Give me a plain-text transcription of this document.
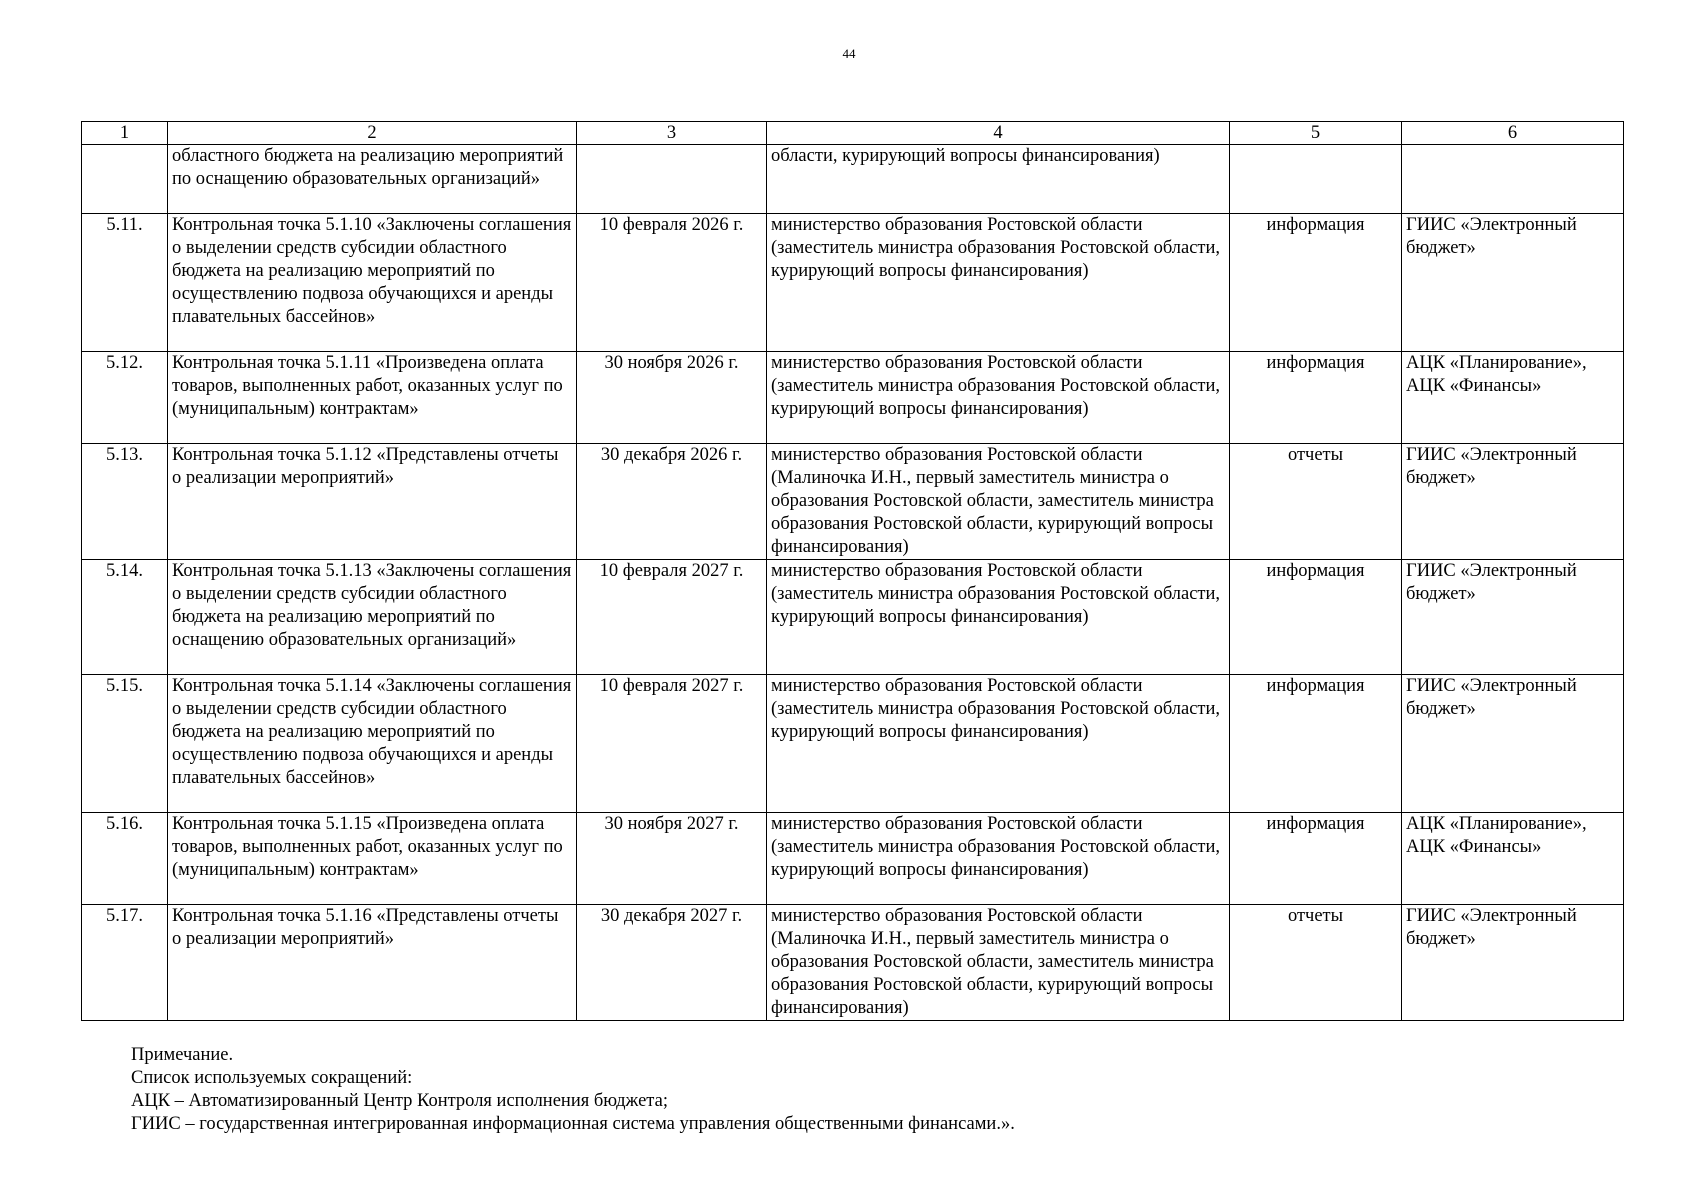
44
1	2	3	4	5	6
	областного бюджета на реализацию мероприятий по оснащению образовательных организаций»		области, курирующий вопросы финансирования)		
5.11.	Контрольная точка 5.1.10 «Заключены соглашения о выделении средств субсидии областного бюджета на реализацию мероприятий по осуществлению подвоза обучающихся и аренды плавательных бассейнов»	10 февраля 2026 г.	министерство образования Ростовской области (заместитель министра образования Ростовской области, курирующий вопросы финансирования)	информация	ГИИС «Электронный бюджет»
5.12.	Контрольная точка 5.1.11 «Произведена оплата товаров, выполненных работ, оказанных услуг по (муниципальным) контрактам»	30 ноября 2026 г.	министерство образования Ростовской области (заместитель министра образования Ростовской области, курирующий вопросы финансирования)	информация	АЦК «Планирование», АЦК «Финансы»
5.13.	Контрольная точка 5.1.12 «Представлены отчеты о реализации мероприятий»	30 декабря 2026 г.	министерство образования Ростовской области (Малиночка И.Н., первый заместитель министра о образования Ростовской области, заместитель министра образования Ростовской области, курирующий вопросы финансирования)	отчеты	ГИИС «Электронный бюджет»
5.14.	Контрольная точка 5.1.13 «Заключены соглашения о выделении средств субсидии областного бюджета на реализацию мероприятий по оснащению образовательных организаций»	10 февраля 2027 г.	министерство образования Ростовской области (заместитель министра образования Ростовской области, курирующий вопросы финансирования)	информация	ГИИС «Электронный бюджет»
5.15.	Контрольная точка 5.1.14 «Заключены соглашения о выделении средств субсидии областного бюджета на реализацию мероприятий по осуществлению подвоза обучающихся и аренды плавательных бассейнов»	10 февраля 2027 г.	министерство образования Ростовской области (заместитель министра образования Ростовской области, курирующий вопросы финансирования)	информация	ГИИС «Электронный бюджет»
5.16.	Контрольная точка 5.1.15 «Произведена оплата товаров, выполненных работ, оказанных услуг по (муниципальным) контрактам»	30 ноября 2027 г.	министерство образования Ростовской области (заместитель министра образования Ростовской области, курирующий вопросы финансирования)	информация	АЦК «Планирование», АЦК «Финансы»
5.17.	Контрольная точка 5.1.16 «Представлены отчеты о реализации мероприятий»	30 декабря 2027 г.	министерство образования Ростовской области (Малиночка И.Н., первый заместитель министра о образования Ростовской области, заместитель министра образования Ростовской области, курирующий вопросы финансирования)	отчеты	ГИИС «Электронный бюджет»
Примечание.
Список используемых сокращений:
АЦК – Автоматизированный Центр Контроля исполнения бюджета;
ГИИС – государственная интегрированная информационная система управления общественными финансами.».
